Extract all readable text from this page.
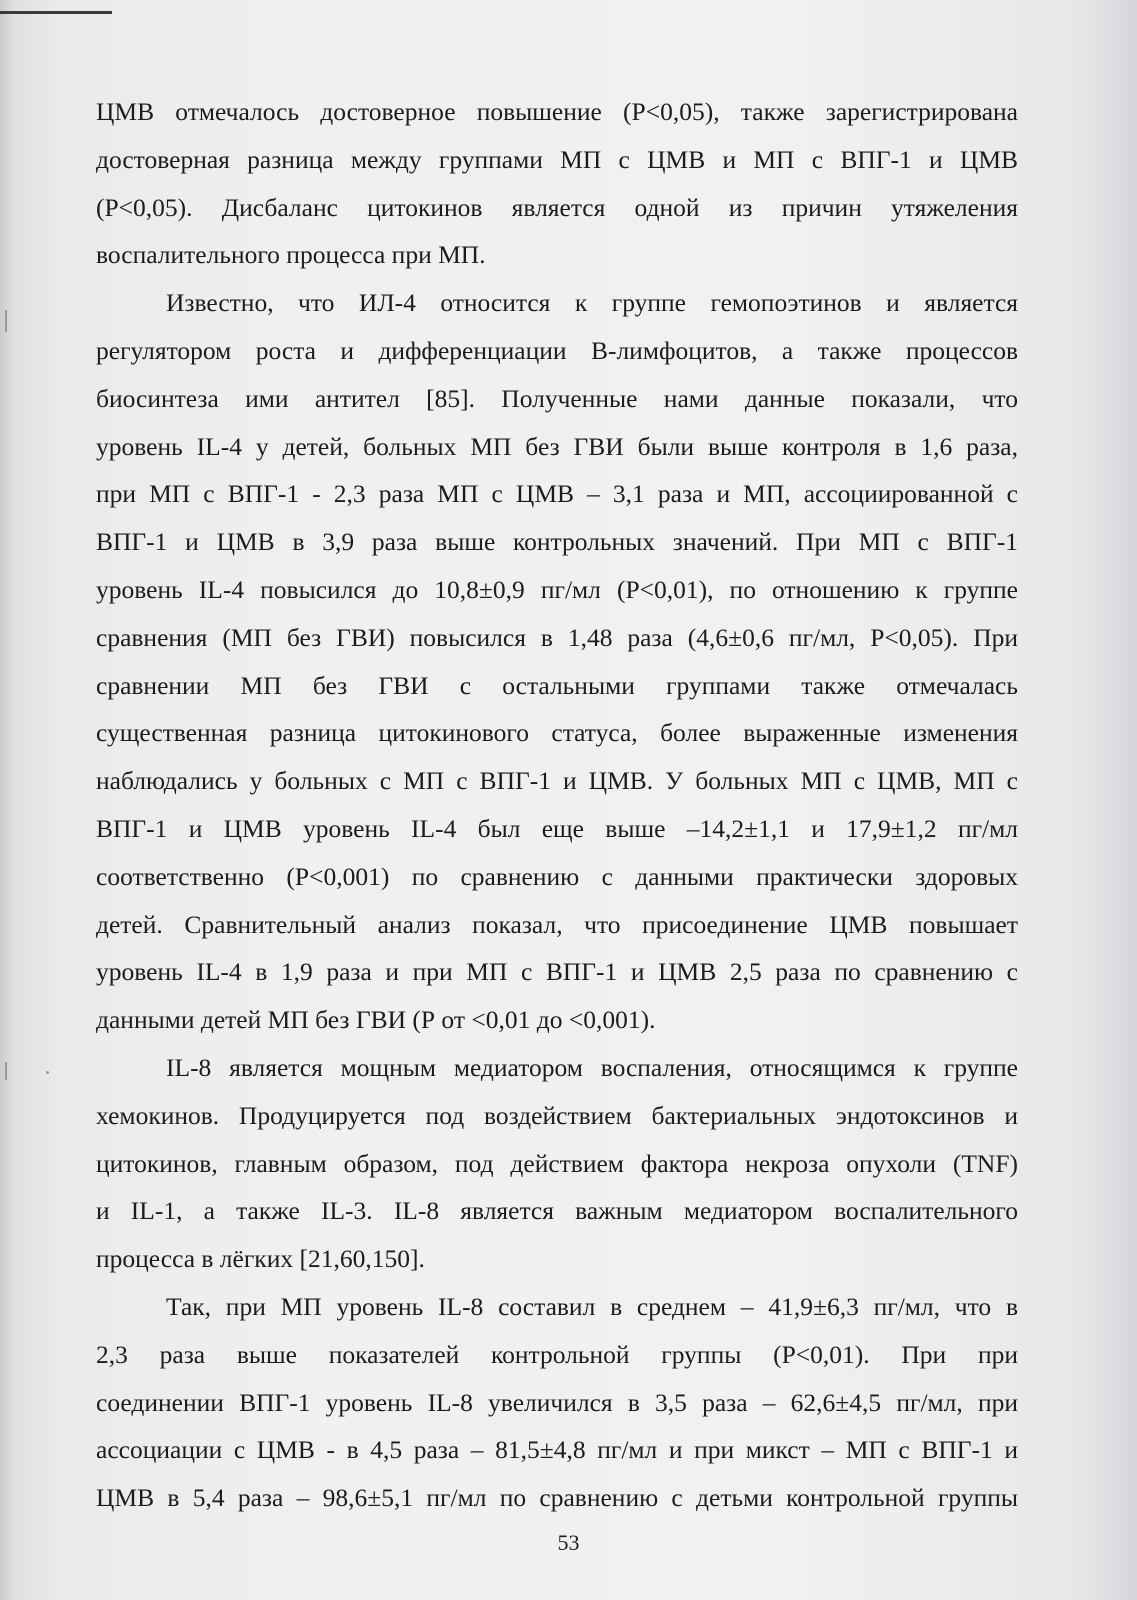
ЦМВ отмечалось достоверное повышение (Р<0,05), также зарегистрирована
достоверная разница между группами МП с ЦМВ и МП с ВПГ-1 и ЦМВ
(Р<0,05). Дисбаланс цитокинов является одной из причин утяжеления
воспалительного процесса при МП.
Известно, что ИЛ-4 относится к группе гемопоэтинов и является
регулятором роста и дифференциации В-лимфоцитов, а также процессов
биосинтеза ими антител [85]. Полученные нами данные показали, что
уровень IL-4 у детей, больных МП без ГВИ были выше контроля в 1,6 раза,
при МП с ВПГ-1 - 2,3 раза МП с ЦМВ – 3,1 раза и МП, ассоциированной с
ВПГ-1 и ЦМВ в 3,9 раза выше контрольных значений. При МП с ВПГ-1
уровень IL-4 повысился до 10,8±0,9 пг/мл (Р<0,01), по отношению к группе
сравнения (МП без ГВИ) повысился в 1,48 раза (4,6±0,6 пг/мл, Р<0,05). При
сравнении МП без ГВИ с остальными группами также отмечалась
существенная разница цитокинового статуса, более выраженные изменения
наблюдались у больных с МП с ВПГ-1 и ЦМВ. У больных МП с ЦМВ, МП с
ВПГ-1 и ЦМВ уровень IL-4 был еще выше –14,2±1,1 и 17,9±1,2 пг/мл
соответственно (Р<0,001) по сравнению с данными практически здоровых
детей. Сравнительный анализ показал, что присоединение ЦМВ повышает
уровень IL-4 в 1,9 раза и при МП с ВПГ-1 и ЦМВ 2,5 раза по сравнению с
данными детей МП без ГВИ (Р от <0,01 до <0,001).
IL-8 является мощным медиатором воспаления, относящимся к группе
хемокинов. Продуцируется под воздействием бактериальных эндотоксинов и
цитокинов, главным образом, под действием фактора некроза опухоли (TNF)
и IL-1, а также IL-3. IL-8 является важным медиатором воспалительного
процесса в лёгких [21,60,150].
Так, при МП уровень IL-8 составил в среднем – 41,9±6,3 пг/мл, что в
2,3 раза выше показателей контрольной группы (Р<0,01). При при
соединении ВПГ-1 уровень IL-8 увеличился в 3,5 раза – 62,6±4,5 пг/мл, при
ассоциации с ЦМВ - в 4,5 раза – 81,5±4,8 пг/мл и при микст – МП с ВПГ-1 и
ЦМВ в 5,4 раза – 98,6±5,1 пг/мл по сравнению с детьми контрольной группы
53
